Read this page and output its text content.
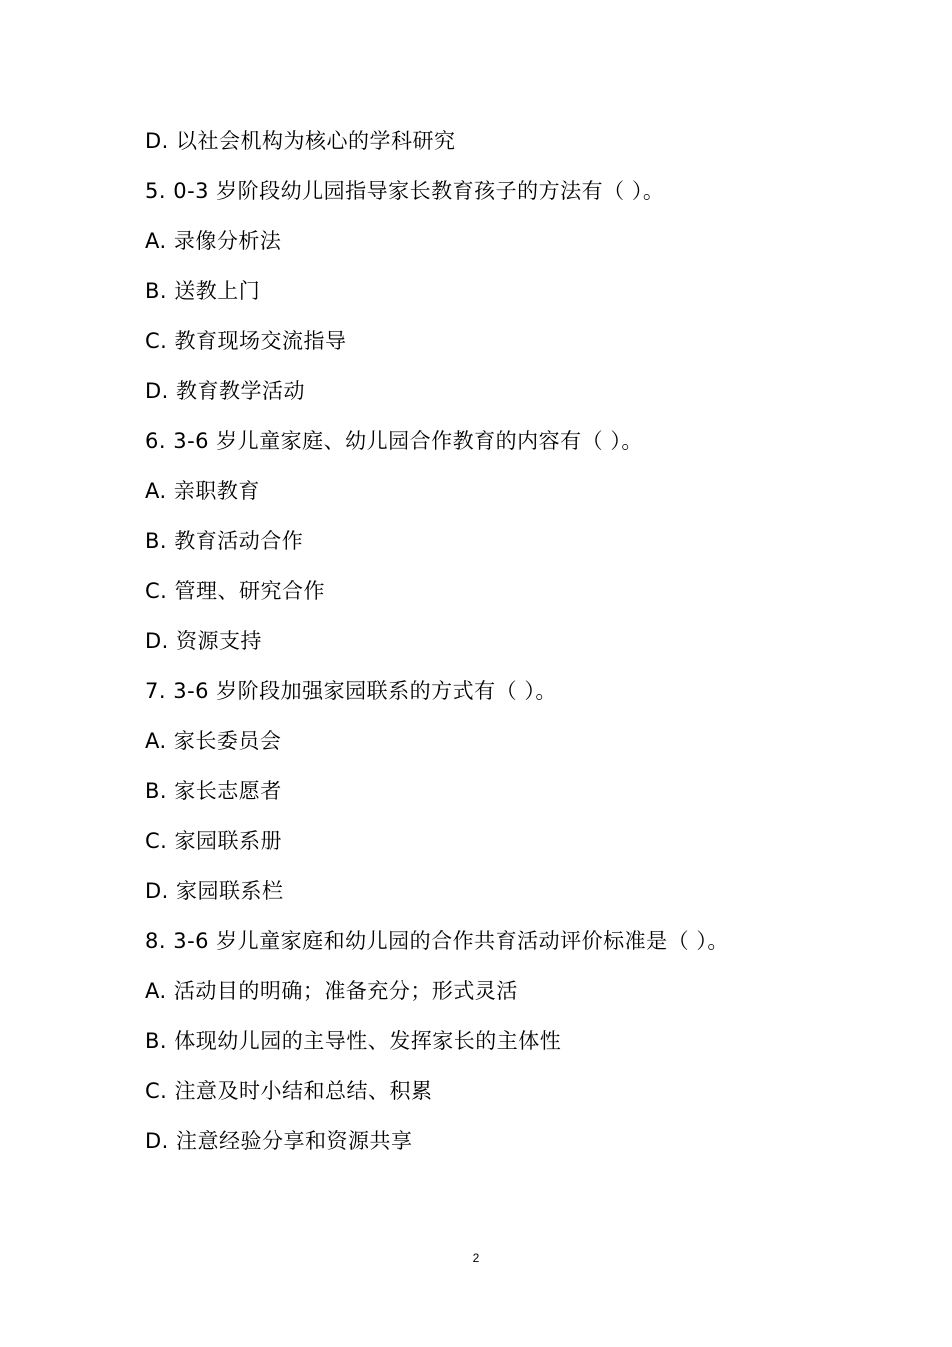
D. 以社会机构为核心的学科研究
5. 0-3 岁阶段幼儿园指导家长教育孩子的方法有（ ）。
A. 录像分析法
B. 送教上门
C. 教育现场交流指导
D. 教育教学活动
6. 3-6 岁儿童家庭、幼儿园合作教育的内容有（ ）。
A. 亲职教育
B. 教育活动合作
C. 管理、研究合作
D. 资源支持
7. 3-6 岁阶段加强家园联系的方式有（ ）。
A. 家长委员会
B. 家长志愿者
C. 家园联系册
D. 家园联系栏
8. 3-6 岁儿童家庭和幼儿园的合作共育活动评价标准是（ ）。
A. 活动目的明确；准备充分；形式灵活
B. 体现幼儿园的主导性、发挥家长的主体性
C. 注意及时小结和总结、积累
D. 注意经验分享和资源共享
2
